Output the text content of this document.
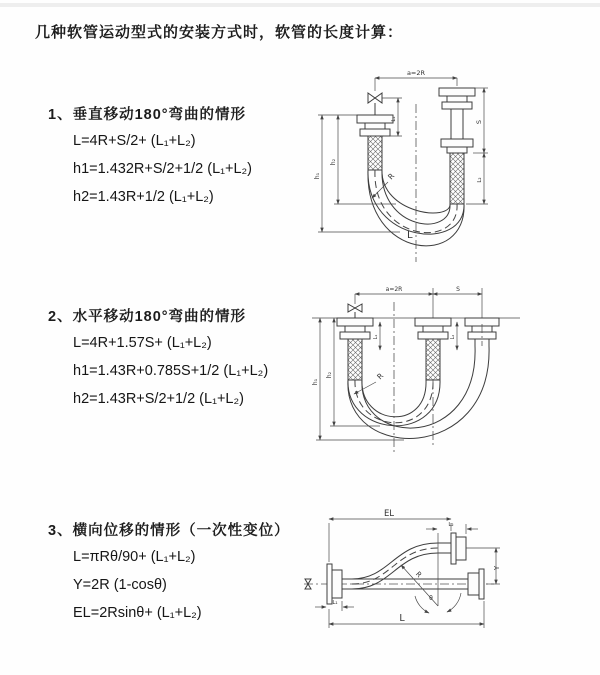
几种软管运动型式的安装方式时，软管的长度计算：
1、垂直移动180°弯曲的情形
L=4R+S/2+ (L₁+L₂)
h1=1.432R+S/2+1/2 (L₁+L₂)
h2=1.43R+1/2 (L₁+L₂)
2、水平移动180°弯曲的情形
L=4R+1.57S+ (L₁+L₂)
h1=1.43R+0.785S+1/2 (L₁+L₂)
h2=1.43R+S/2+1/2 (L₁+L₂)
3、横向位移的情形（一次性变位）
L=πRθ/90+ (L₁+L₂)
Y=2R (1-cosθ)
EL=2Rsinθ+ (L₁+L₂)
a=2R
h₁
h₂
L₁
S
L₂
R
L
a=2R	S
h₁
h₂
L₁	L₂
R
EL
L₂
Y
R
θ
L₁
L
